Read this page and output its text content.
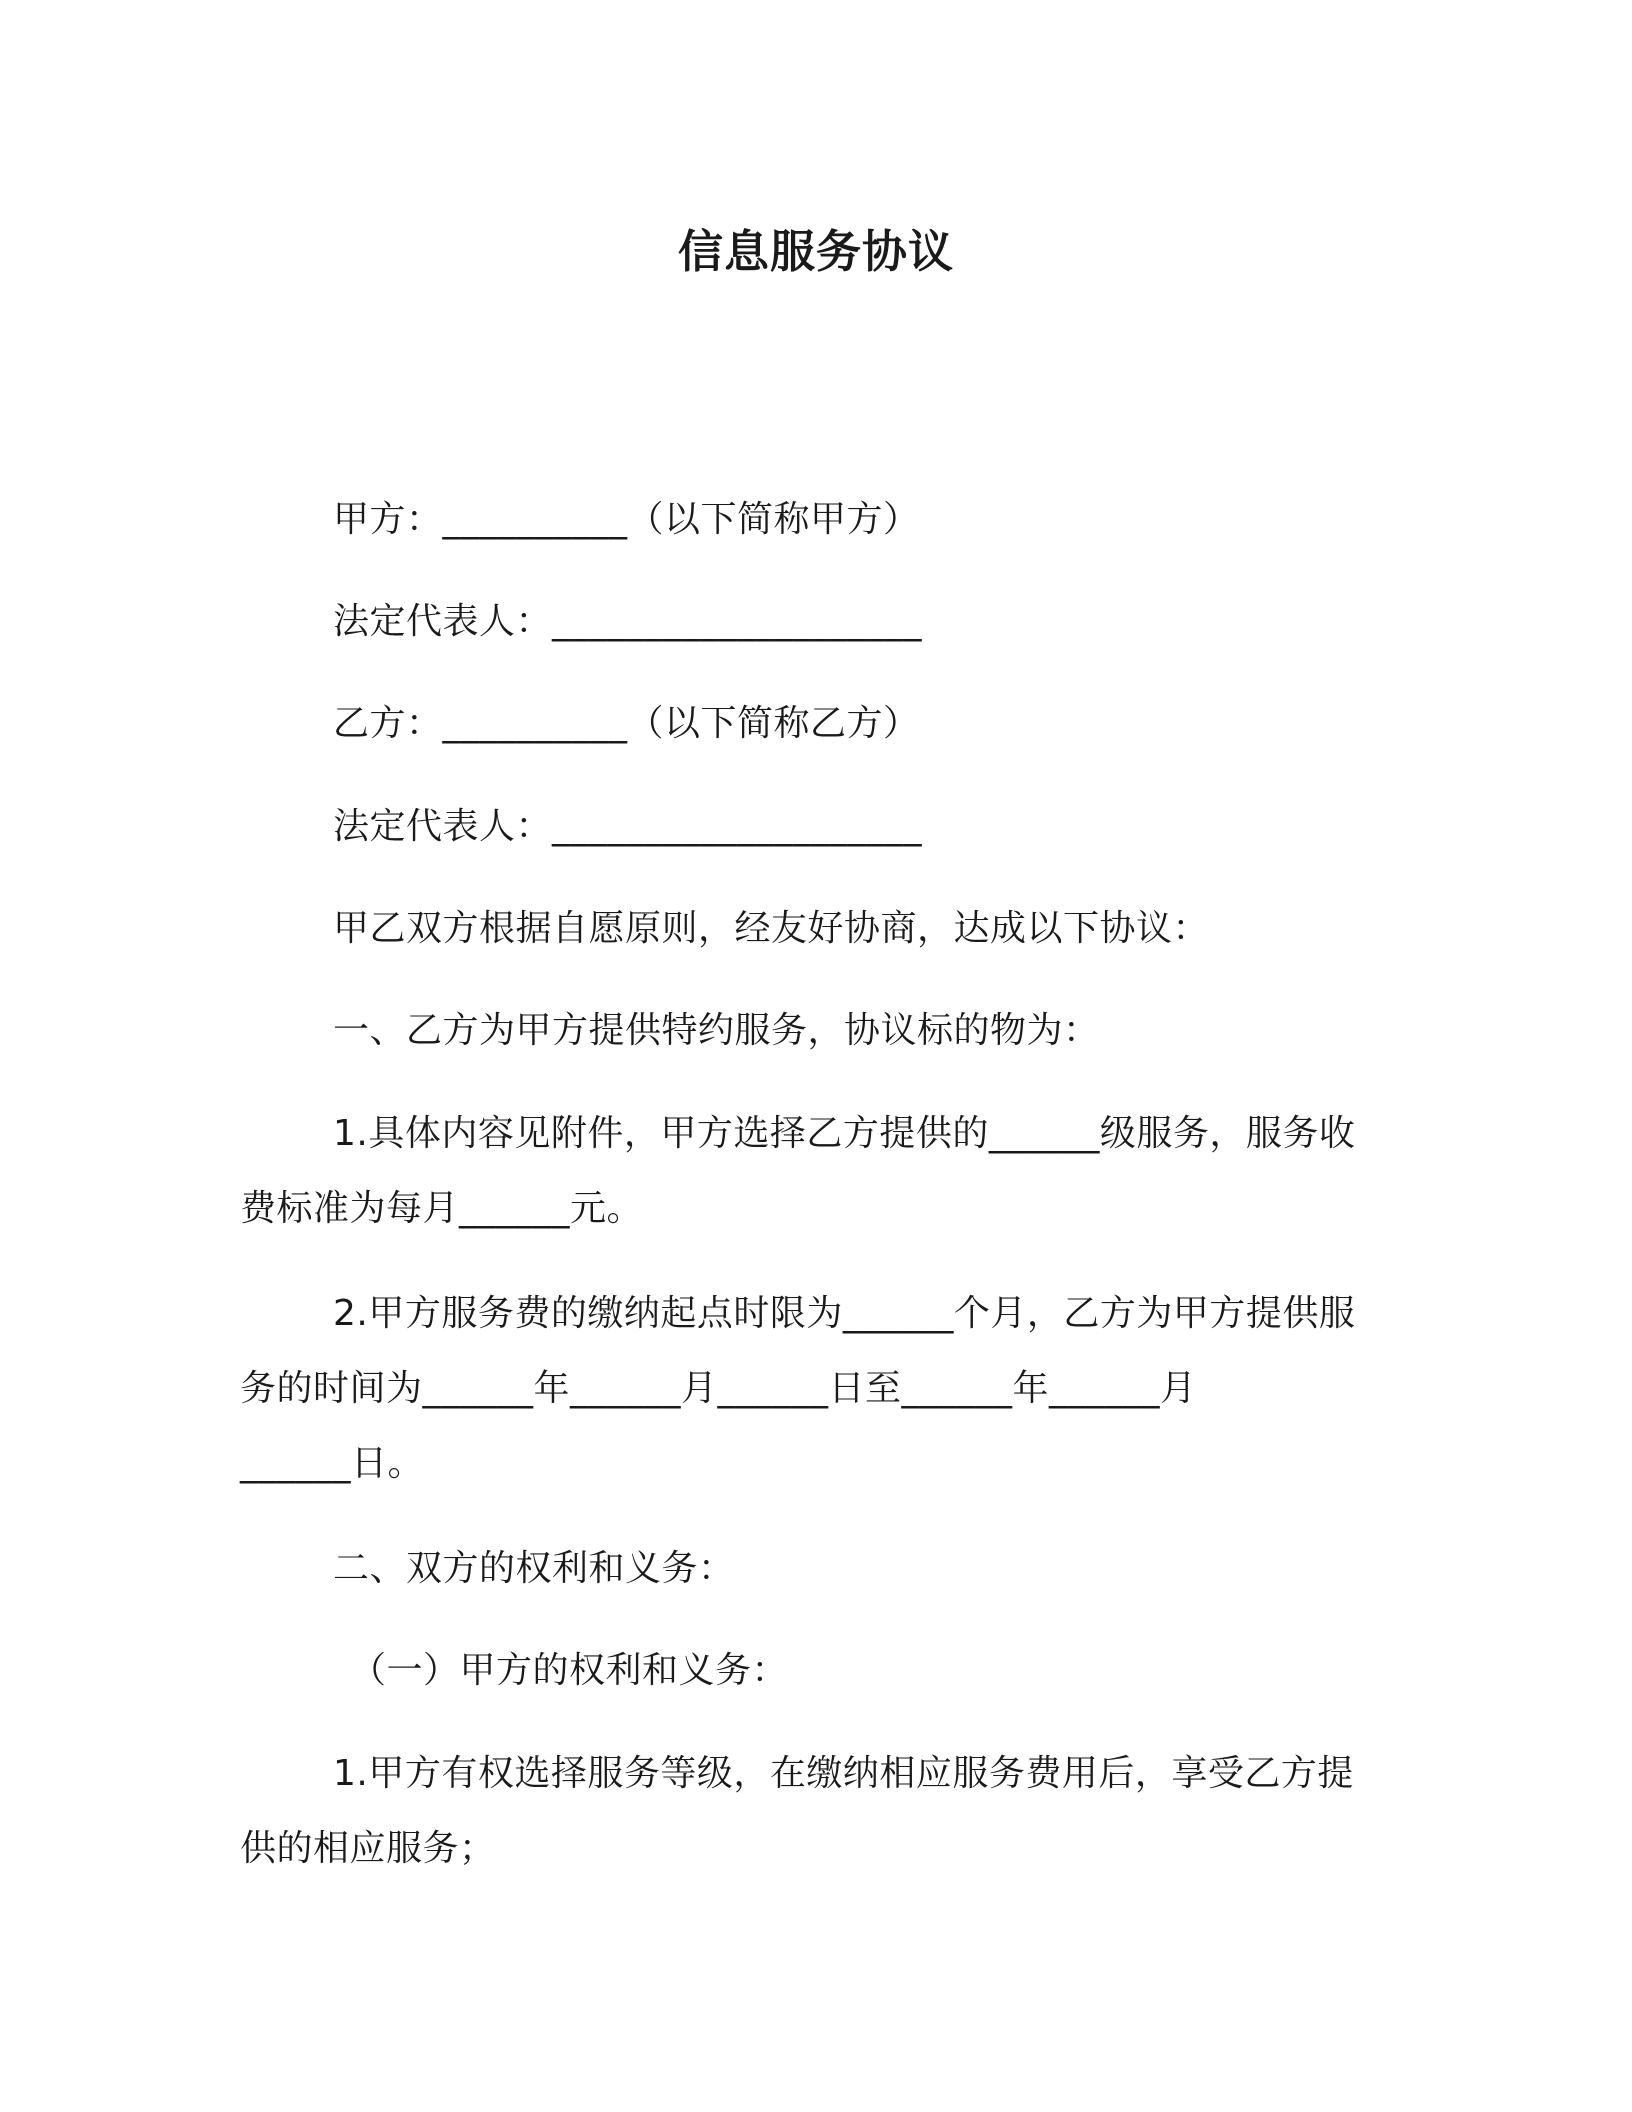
信息服务协议
甲方：__________（以下简称甲方）
法定代表人：____________________
乙方：__________（以下简称乙方）
法定代表人：____________________
甲乙双方根据自愿原则，经友好协商，达成以下协议：
一、乙方为甲方提供特约服务，协议标的物为：
1.具体内容见附件，甲方选择乙方提供的______级服务，服务收
费标准为每月______元。
2.甲方服务费的缴纳起点时限为______个月，乙方为甲方提供服
务的时间为______年______月______日至______年______月
______日。
二、双方的权利和义务：
（一）甲方的权利和义务：
1.甲方有权选择服务等级，在缴纳相应服务费用后，享受乙方提
供的相应服务；
